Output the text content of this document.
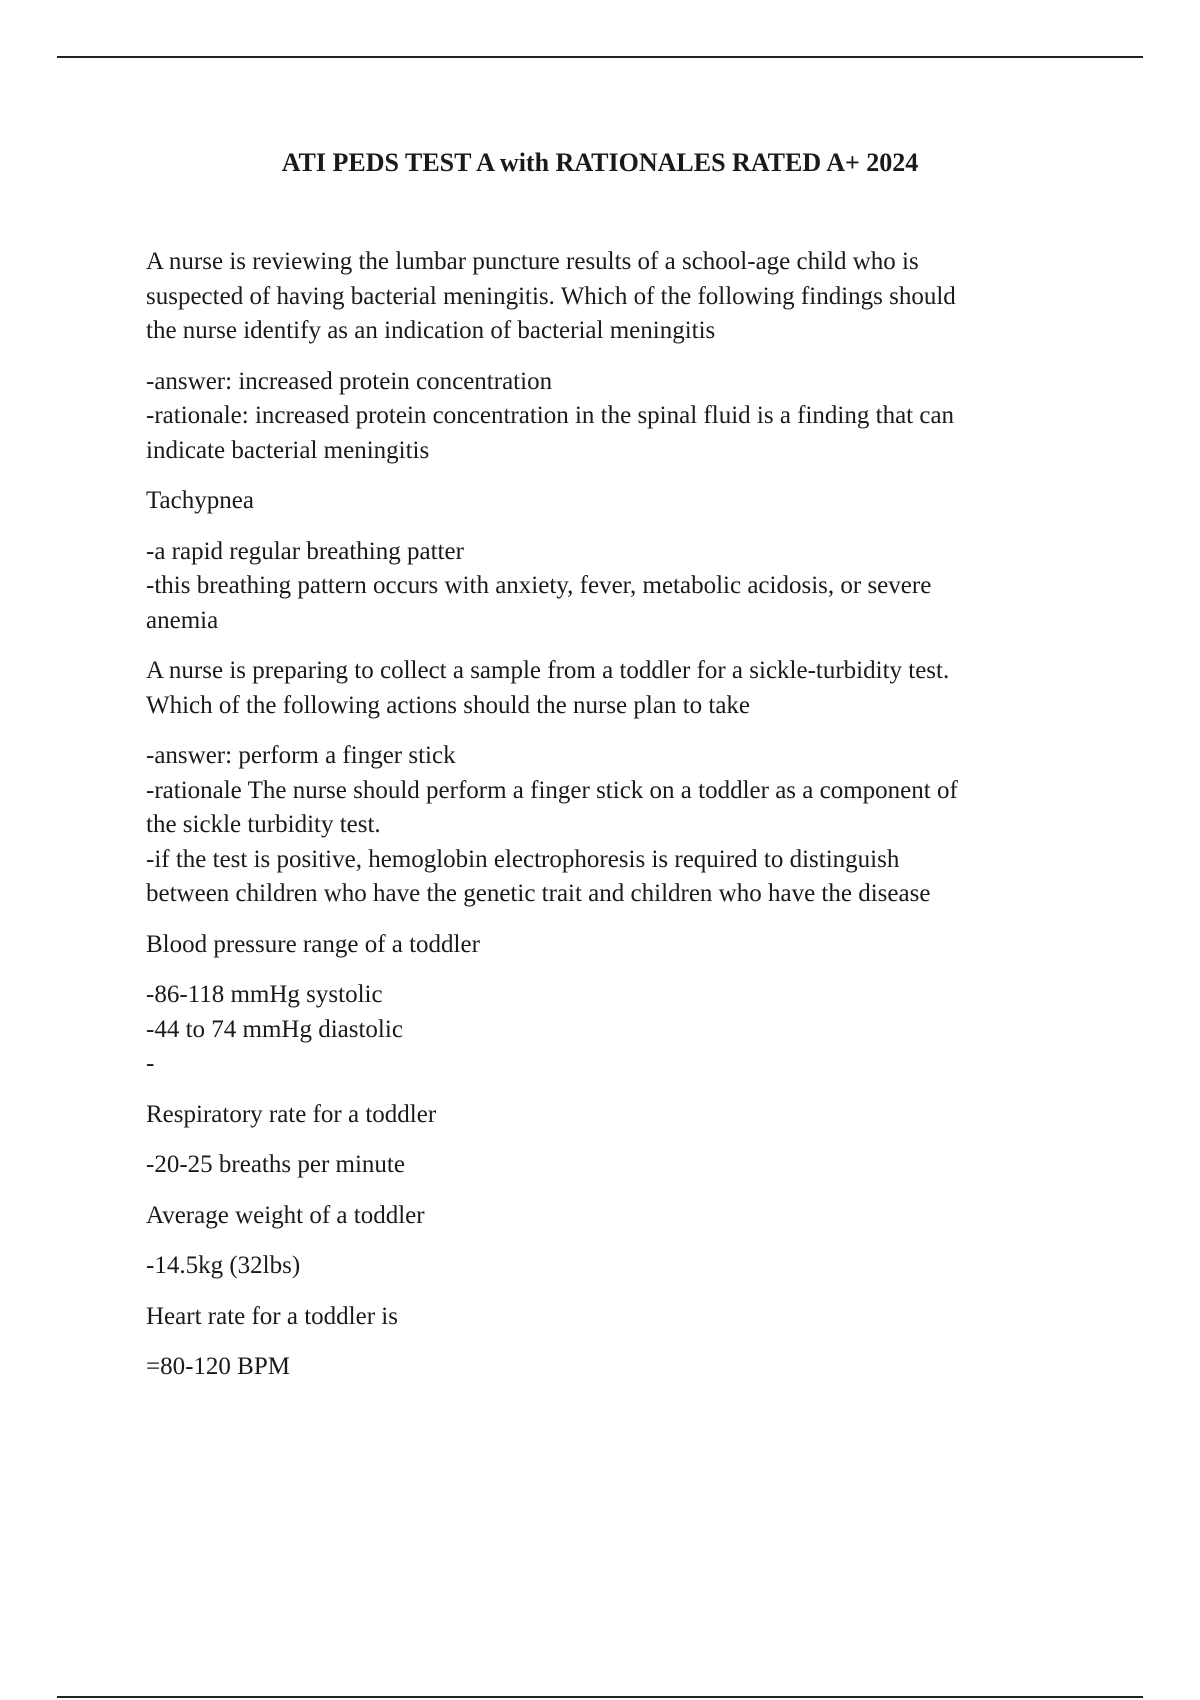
ATI PEDS TEST A with RATIONALES RATED A+ 2024
A nurse is reviewing the lumbar puncture results of a school-age child who is
suspected of having bacterial meningitis. Which of the following findings should
the nurse identify as an indication of bacterial meningitis
-answer: increased protein concentration
-rationale: increased protein concentration in the spinal fluid is a finding that can
indicate bacterial meningitis
Tachypnea
-a rapid regular breathing patter
-this breathing pattern occurs with anxiety, fever, metabolic acidosis, or severe
anemia
A nurse is preparing to collect a sample from a toddler for a sickle-turbidity test.
Which of the following actions should the nurse plan to take
-answer: perform a finger stick
-rationale The nurse should perform a finger stick on a toddler as a component of
the sickle turbidity test.
-if the test is positive, hemoglobin electrophoresis is required to distinguish
between children who have the genetic trait and children who have the disease
Blood pressure range of a toddler
-86-118 mmHg systolic
-44 to 74 mmHg diastolic
-
Respiratory rate for a toddler
-20-25 breaths per minute
Average weight of a toddler
-14.5kg (32lbs)
Heart rate for a toddler is
=80-120 BPM
